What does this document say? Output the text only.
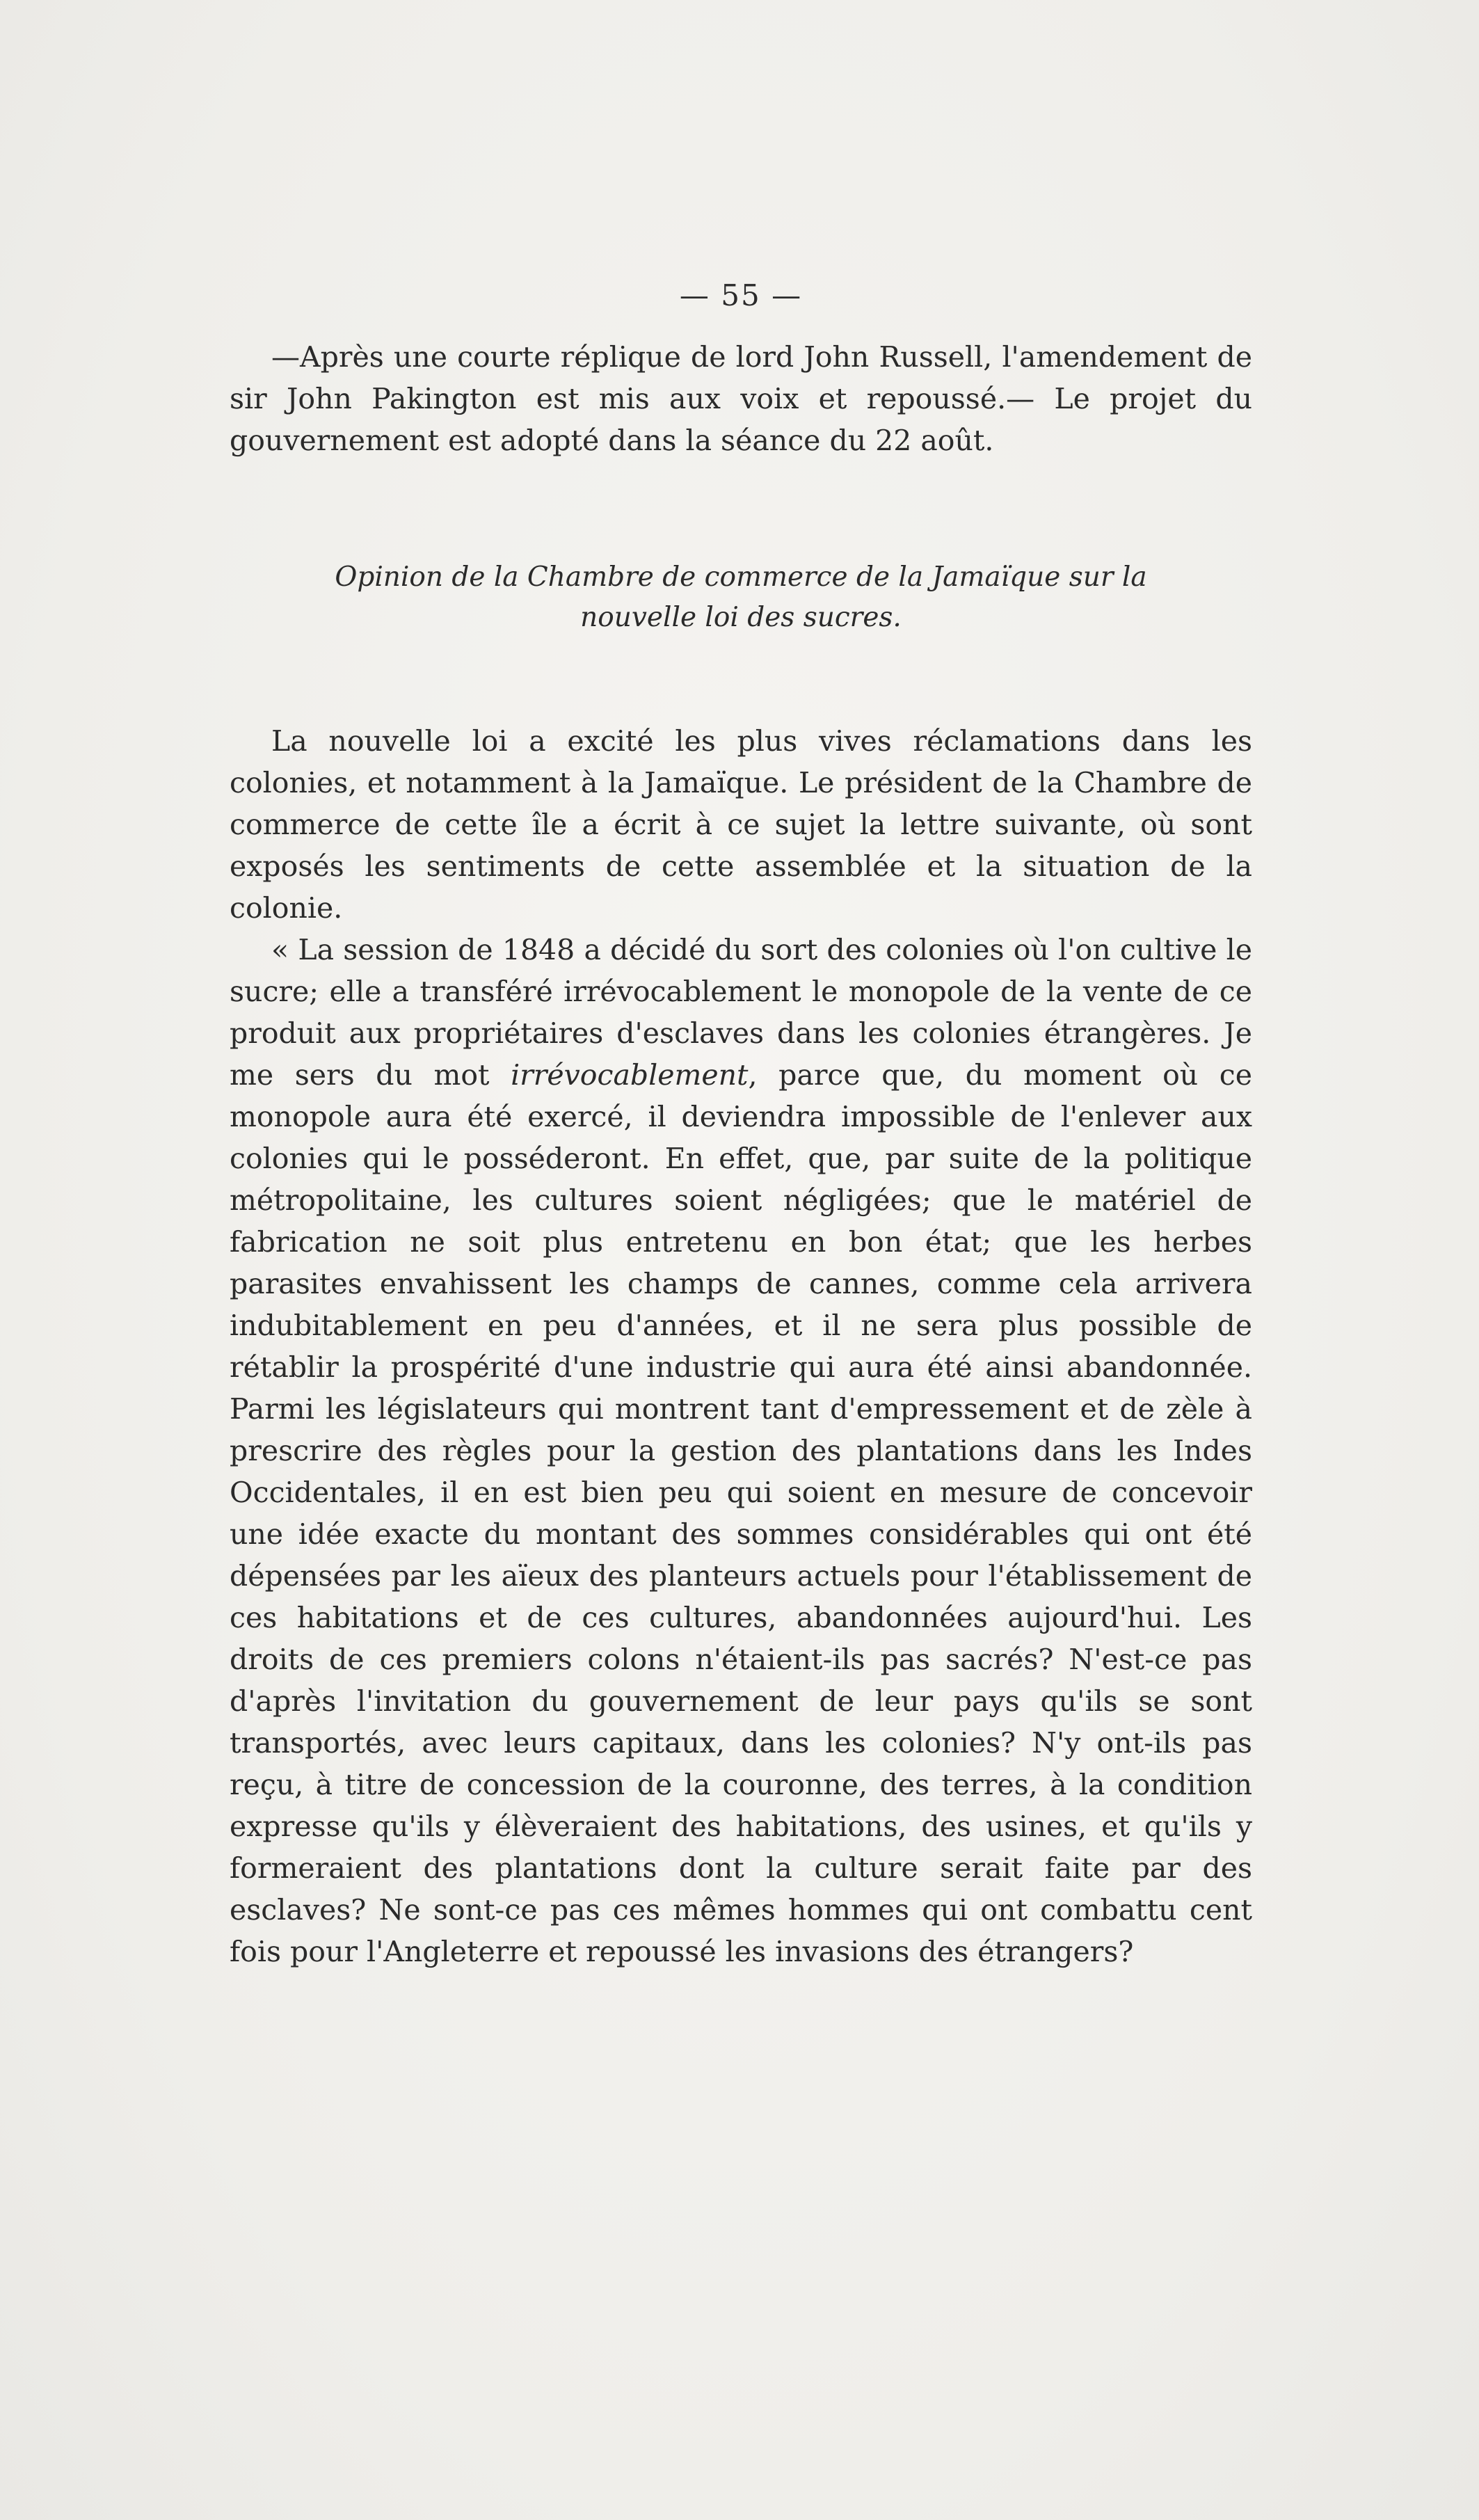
— 55 —

—Après une courte réplique de lord John Russell, l'amendement de sir John Pakington est mis aux voix et repoussé.— Le projet du gouvernement est adopté dans la séance du 22 août.

Opinion de la Chambre de commerce de la Jamaïque sur la
nouvelle loi des sucres.

La nouvelle loi a excité les plus vives réclamations dans les colonies, et notamment à la Jamaïque. Le président de la Chambre de commerce de cette île a écrit à ce sujet la lettre suivante, où sont exposés les sentiments de cette assemblée et la situation de la colonie.

« La session de 1848 a décidé du sort des colonies où l'on cultive le sucre; elle a transféré irrévocablement le monopole de la vente de ce produit aux propriétaires d'esclaves dans les colonies étrangères. Je me sers du mot irrévocablement, parce que, du moment où ce monopole aura été exercé, il deviendra impossible de l'enlever aux colonies qui le posséderont. En effet, que, par suite de la politique métropolitaine, les cultures soient négligées; que le matériel de fabrication ne soit plus entretenu en bon état; que les herbes parasites envahissent les champs de cannes, comme cela arrivera indubitablement en peu d'années, et il ne sera plus possible de rétablir la prospérité d'une industrie qui aura été ainsi abandonnée. Parmi les législateurs qui montrent tant d'empressement et de zèle à prescrire des règles pour la gestion des plantations dans les Indes Occidentales, il en est bien peu qui soient en mesure de concevoir une idée exacte du montant des sommes considérables qui ont été dépensées par les aïeux des planteurs actuels pour l'établissement de ces habitations et de ces cultures, abandonnées aujourd'hui. Les droits de ces premiers colons n'étaient-ils pas sacrés? N'est-ce pas d'après l'invitation du gouvernement de leur pays qu'ils se sont transportés, avec leurs capitaux, dans les colonies? N'y ont-ils pas reçu, à titre de concession de la couronne, des terres, à la condition expresse qu'ils y élèveraient des habitations, des usines, et qu'ils y formeraient des plantations dont la culture serait faite par des esclaves? Ne sont-ce pas ces mêmes hommes qui ont combattu cent fois pour l'Angleterre et repoussé les invasions des étrangers?
